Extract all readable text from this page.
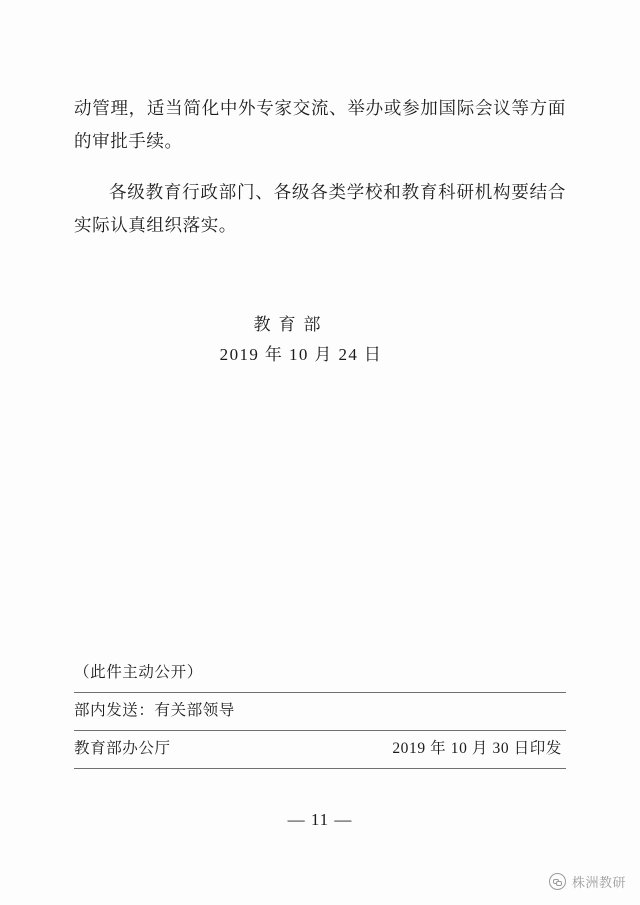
动管理，适当简化中外专家交流、举办或参加国际会议等方面的审批手续。

各级教育行政部门、各级各类学校和教育科研机构要结合实际认真组织落实。

教育部
2019 年 10 月 24 日
（此件主动公开）
部内发送：有关部领导
教育部办公厅	2019 年 10 月 30 日印发
— 11 —
株洲教研
